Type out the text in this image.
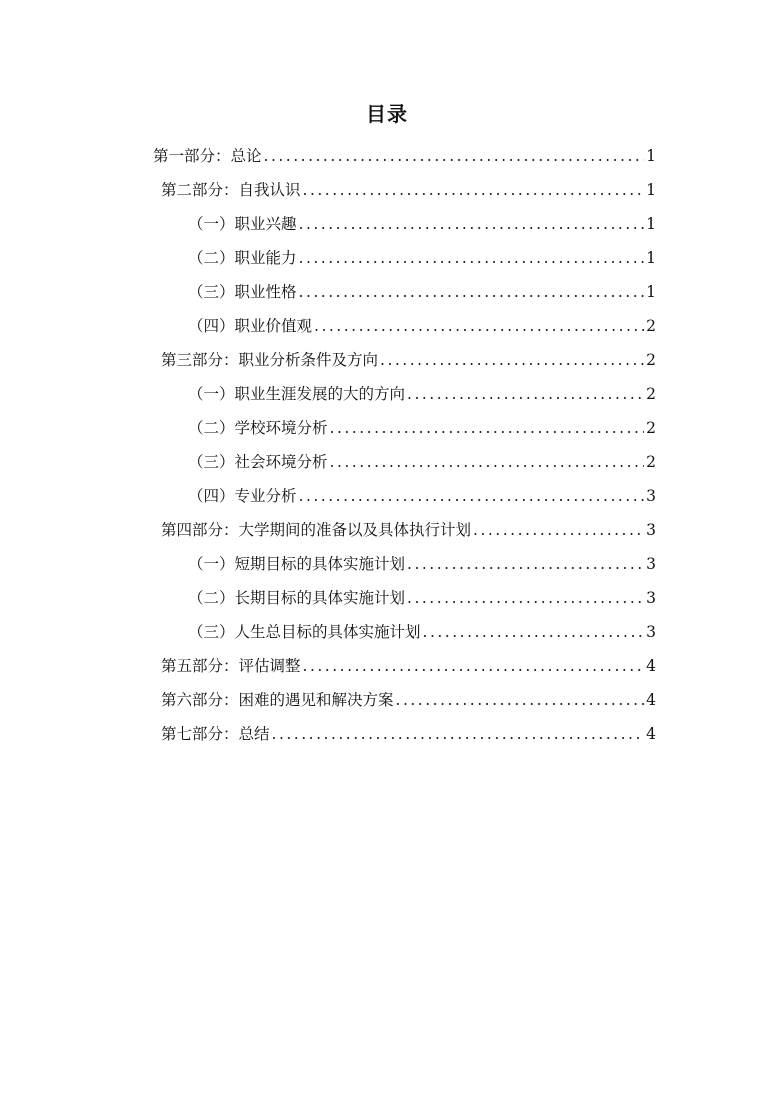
目录
第一部分：总论 .....	1
第二部分：自我认识 .....	1
（一）职业兴趣 .....	1
（二）职业能力 .....	1
（三）职业性格 .....	1
（四）职业价值观 .....	2
第三部分：职业分析条件及方向 .....	2
（一）职业生涯发展的大的方向 .....	2
（二）学校环境分析 .....	2
（三）社会环境分析 .....	2
（四）专业分析 .....	3
第四部分：大学期间的准备以及具体执行计划 .....	3
（一）短期目标的具体实施计划 .....	3
（二）长期目标的具体实施计划 .....	3
（三）人生总目标的具体实施计划 .....	3
第五部分：评估调整 .....	4
第六部分：困难的遇见和解决方案 .....	4
第七部分：总结 .....	4
